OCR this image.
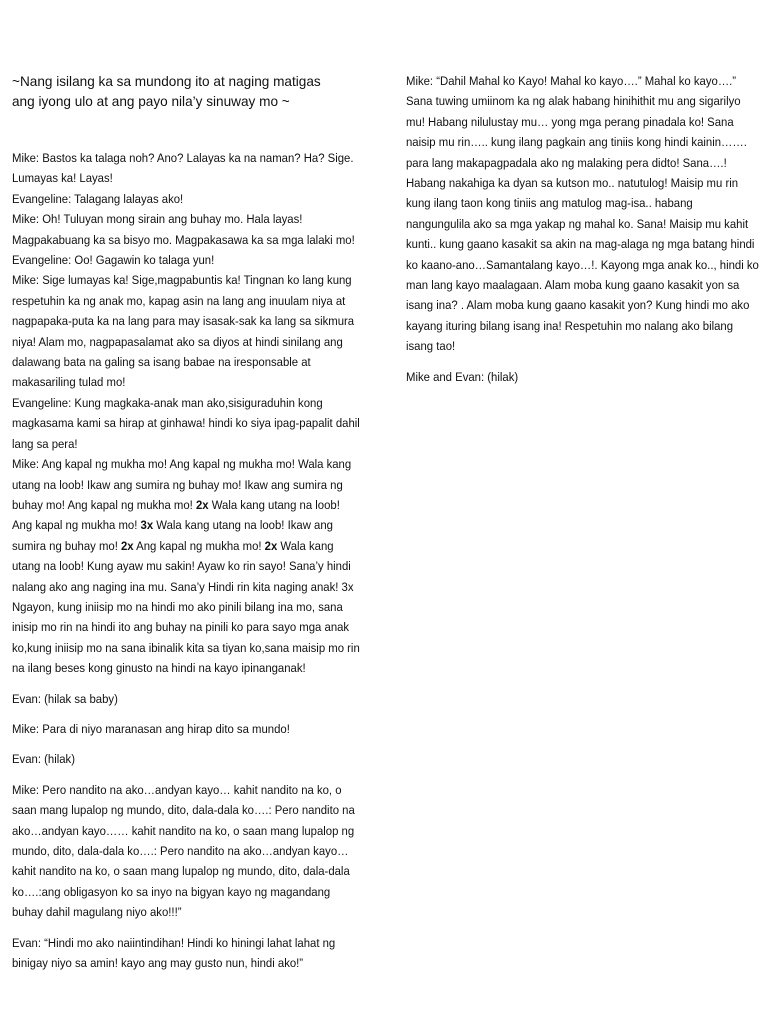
~Nang isilang ka sa mundong ito at naging matigas

ang iyong ulo at ang payo nila’y sinuway mo ~

Mike: Bastos ka talaga noh? Ano? Lalayas ka na naman? Ha? Sige. Lumayas ka! Layas!

Evangeline: Talagang lalayas ako!

Mike: Oh! Tuluyan mong sirain ang buhay mo. Hala layas! Magpakabuang ka sa bisyo mo. Magpakasawa ka sa mga lalaki mo!

Evangeline: Oo! Gagawin ko talaga yun!

Mike: Sige lumayas ka! Sige,magpabuntis ka! Tingnan ko lang kung respetuhin ka ng anak mo, kapag asin na lang ang inuulam niya at nagpapaka-puta ka na lang para may isasak-sak ka lang sa sikmura niya! Alam mo, nagpapasalamat ako sa diyos at hindi sinilang ang dalawang bata na galing sa isang babae na iresponsable at makasariling tulad mo!

Evangeline: Kung magkaka-anak man ako,sisiguraduhin kong magkasama kami sa hirap at ginhawa! hindi ko siya ipag-papalit dahil lang sa pera!

Mike: Ang kapal ng mukha mo! Ang kapal ng mukha mo! Wala kang utang na loob! Ikaw ang sumira ng buhay mo! Ikaw ang sumira ng buhay mo! Ang kapal ng mukha mo! 2x Wala kang utang na loob! Ang kapal ng mukha mo! 3x Wala kang utang na loob! Ikaw ang sumira ng buhay mo! 2x Ang kapal ng mukha mo! 2x Wala kang utang na loob! Kung ayaw mu sakin! Ayaw ko rin sayo! Sana’y hindi nalang ako ang naging ina mu. Sana’y Hindi rin kita naging anak! 3x Ngayon, kung iniisip mo na hindi mo ako pinili bilang ina mo, sana inisip mo rin na hindi ito ang buhay na pinili ko para sayo mga anak ko,kung iniisip mo na sana ibinalik kita sa tiyan ko,sana maisip mo rin na ilang beses kong ginusto na hindi na kayo ipinanganak!

Evan: (hilak sa baby)

Mike: Para di niyo maranasan ang hirap dito sa mundo!

Evan: (hilak)

Mike: Pero nandito na ako…andyan kayo… kahit nandito na ko, o saan mang lupalop ng mundo, dito, dala-dala ko….: Pero nandito na ako…andyan kayo…… kahit nandito na ko, o saan mang lupalop ng mundo, dito, dala-dala ko….: Pero nandito na ako…andyan kayo… kahit nandito na ko, o saan mang lupalop ng mundo, dito, dala-dala ko….:ang obligasyon ko sa inyo na bigyan kayo ng magandang buhay dahil magulang niyo ako!!!”

Evan: “Hindi mo ako naiintindihan! Hindi ko hiningi lahat lahat ng binigay niyo sa amin! kayo ang may gusto nun, hindi ako!”

Mike: “Dahil Mahal ko Kayo! Mahal ko kayo….” Mahal ko kayo….” Sana tuwing umiinom ka ng alak habang hinihithit mu ang sigarilyo mu! Habang nilulustay mu… yong mga perang pinadala ko! Sana naisip mu rin….. kung ilang pagkain ang tiniis kong hindi kainin……. para lang makapagpadala ako ng malaking pera didto! Sana….! Habang nakahiga ka dyan sa kutson mo.. natutulog! Maisip mu rin kung ilang taon kong tiniis ang matulog mag-isa.. habang nangungulila ako sa mga yakap ng mahal ko. Sana! Maisip mu kahit kunti.. kung gaano kasakit sa akin na mag-alaga ng mga batang hindi ko kaano-ano…Samantalang kayo…!. Kayong mga anak ko.., hindi ko man lang kayo maalagaan. Alam moba kung gaano kasakit yon sa isang ina? . Alam moba kung gaano kasakit yon? Kung hindi mo ako kayang ituring bilang isang ina! Respetuhin mo nalang ako bilang isang tao!

Mike and Evan: (hilak)
